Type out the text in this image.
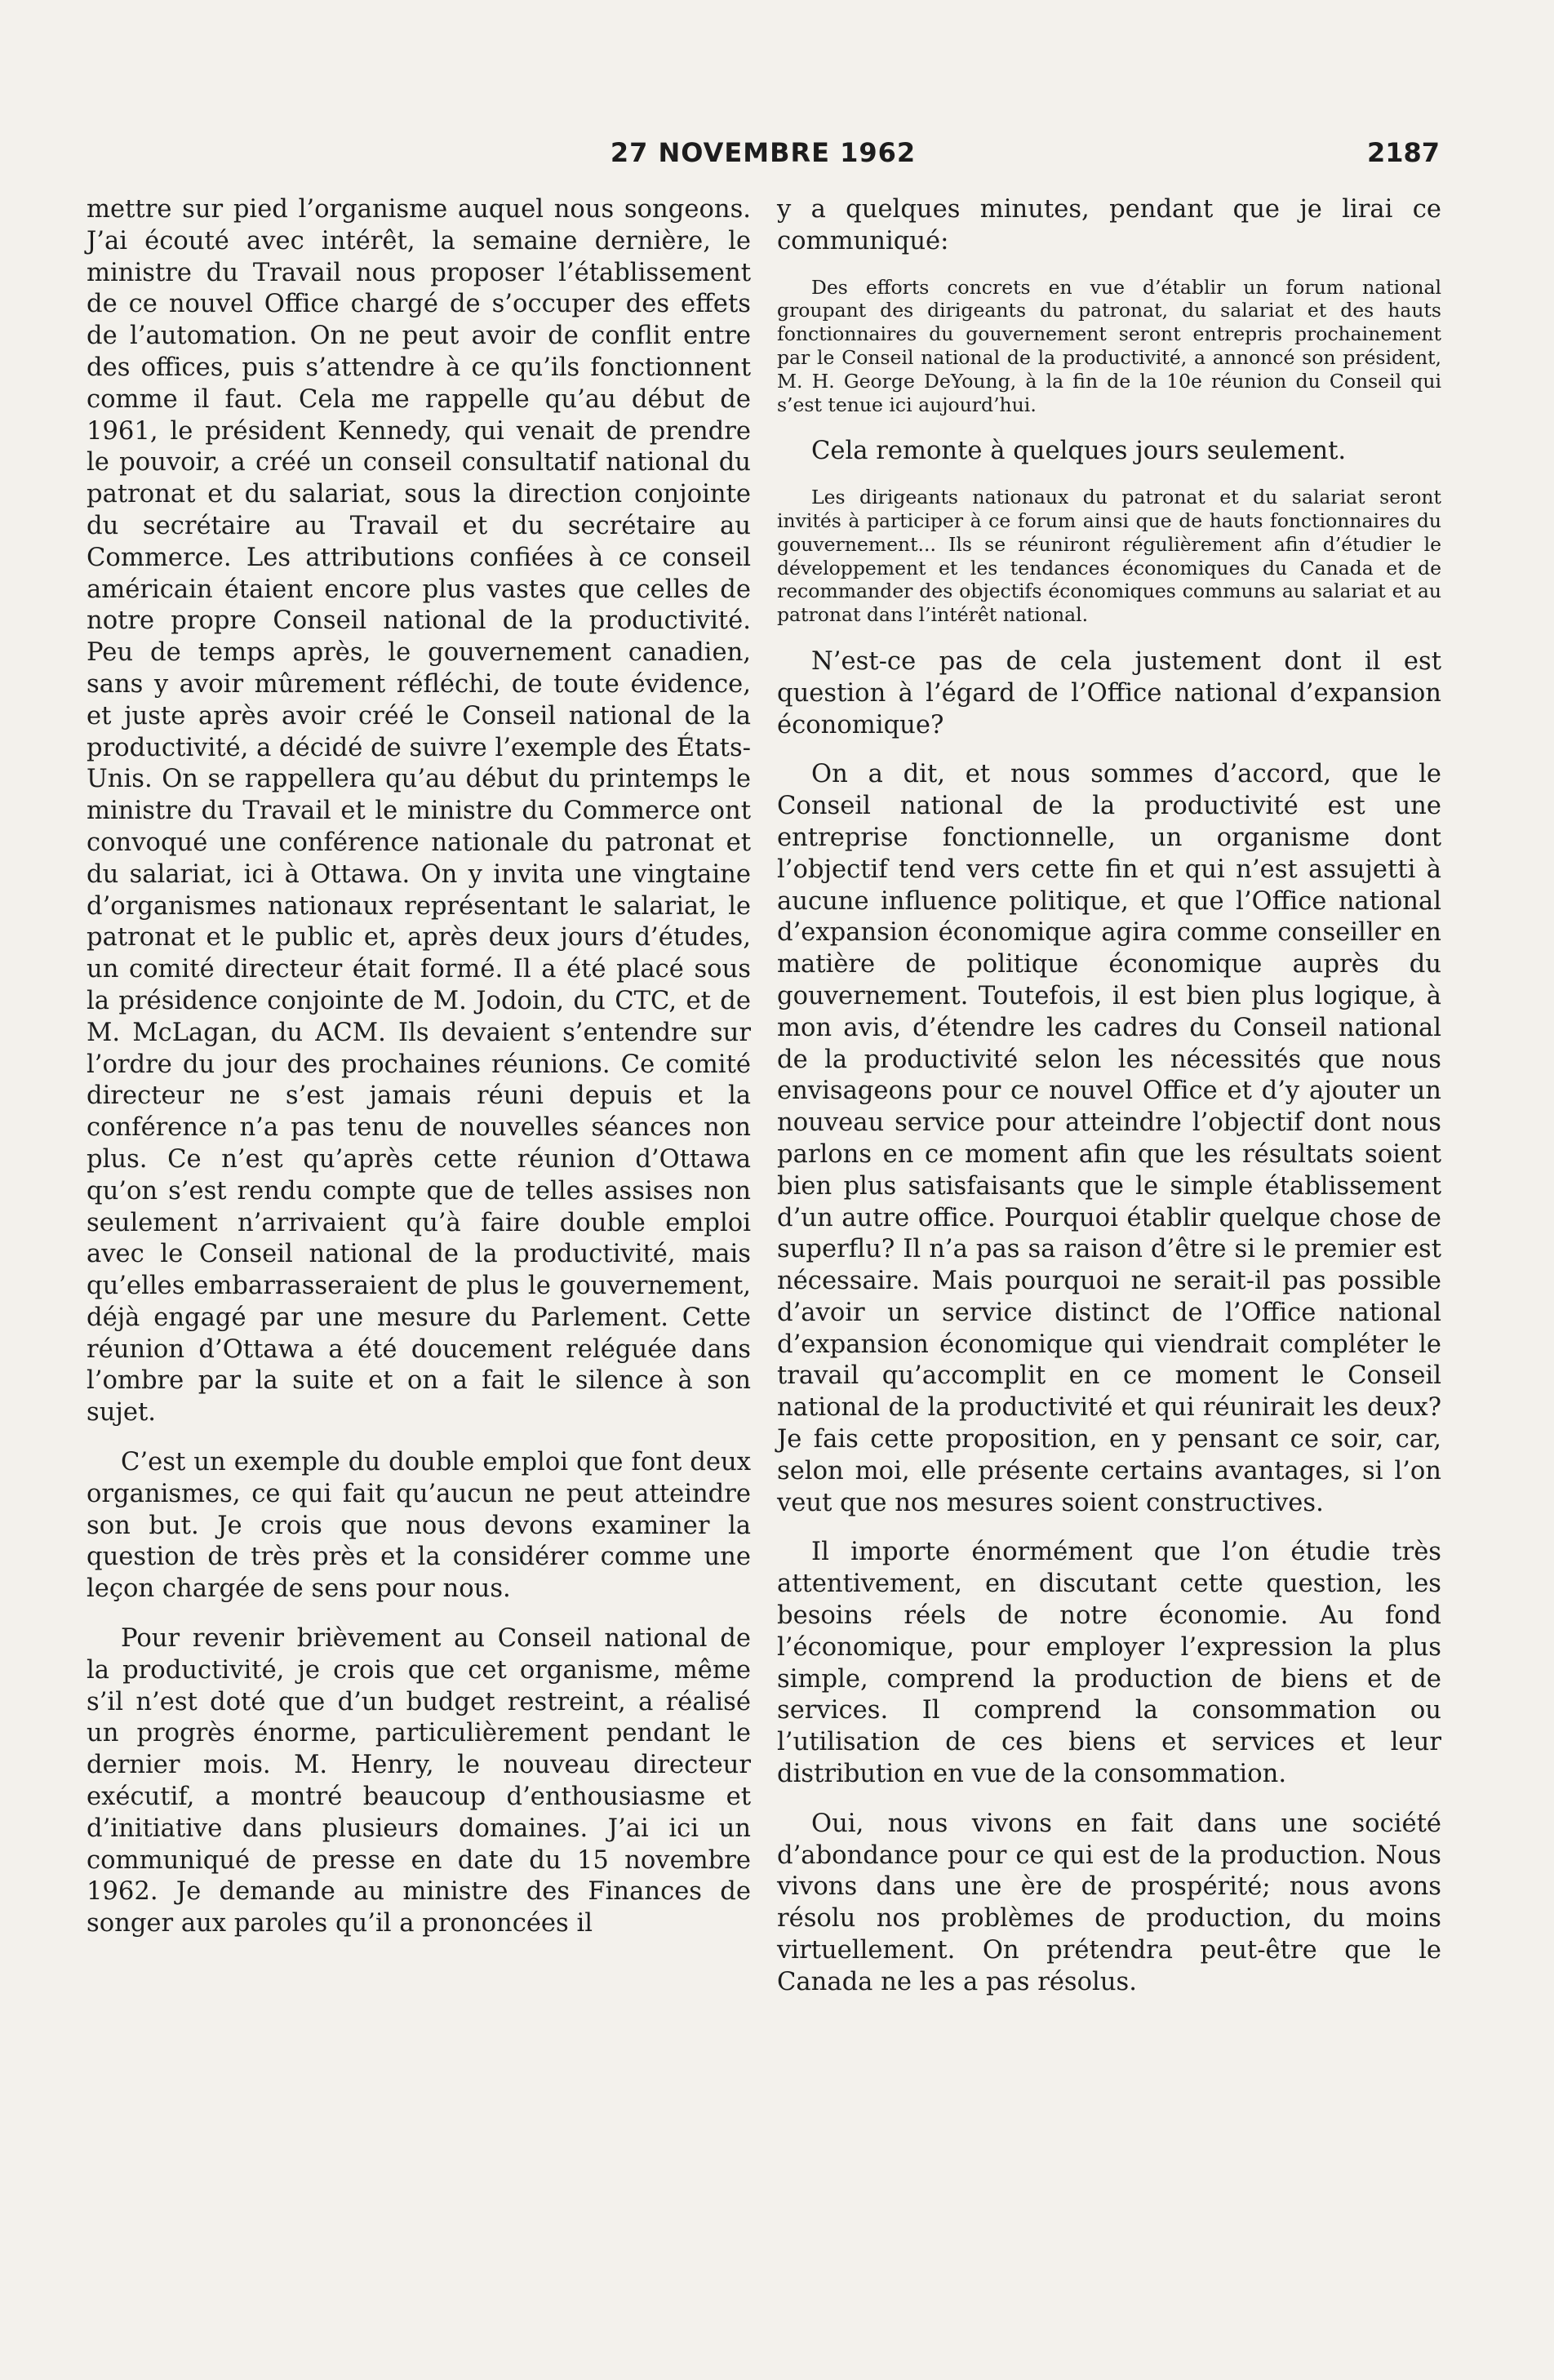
27 NOVEMBRE 1962	2187

mettre sur pied l’organisme auquel nous songeons. J’ai écouté avec intérêt, la semaine dernière, le ministre du Travail nous proposer l’établissement de ce nouvel Office chargé de s’occuper des effets de l’automation. On ne peut avoir de conflit entre des offices, puis s’attendre à ce qu’ils fonctionnent comme il faut. Cela me rappelle qu’au début de 1961, le président Kennedy, qui venait de prendre le pouvoir, a créé un conseil consultatif national du patronat et du salariat, sous la direction conjointe du secrétaire au Travail et du secrétaire au Commerce. Les attributions confiées à ce conseil américain étaient encore plus vastes que celles de notre propre Conseil national de la productivité. Peu de temps après, le gouvernement canadien, sans y avoir mûrement réfléchi, de toute évidence, et juste après avoir créé le Conseil national de la productivité, a décidé de suivre l’exemple des États-Unis. On se rappellera qu’au début du printemps le ministre du Travail et le ministre du Commerce ont convoqué une conférence nationale du patronat et du salariat, ici à Ottawa. On y invita une vingtaine d’organismes nationaux représentant le salariat, le patronat et le public et, après deux jours d’études, un comité directeur était formé. Il a été placé sous la présidence conjointe de M. Jodoin, du CTC, et de M. McLagan, du ACM. Ils devaient s’entendre sur l’ordre du jour des prochaines réunions. Ce comité directeur ne s’est jamais réuni depuis et la conférence n’a pas tenu de nouvelles séances non plus. Ce n’est qu’après cette réunion d’Ottawa qu’on s’est rendu compte que de telles assises non seulement n’arrivaient qu’à faire double emploi avec le Conseil national de la productivité, mais qu’elles embarrasseraient de plus le gouvernement, déjà engagé par une mesure du Parlement. Cette réunion d’Ottawa a été doucement reléguée dans l’ombre par la suite et on a fait le silence à son sujet.

C’est un exemple du double emploi que font deux organismes, ce qui fait qu’aucun ne peut atteindre son but. Je crois que nous devons examiner la question de très près et la considérer comme une leçon chargée de sens pour nous.

Pour revenir brièvement au Conseil national de la productivité, je crois que cet organisme, même s’il n’est doté que d’un budget restreint, a réalisé un progrès énorme, particulièrement pendant le dernier mois. M. Henry, le nouveau directeur exécutif, a montré beaucoup d’enthousiasme et d’initiative dans plusieurs domaines. J’ai ici un communiqué de presse en date du 15 novembre 1962. Je demande au ministre des Finances de songer aux paroles qu’il a prononcées il

y a quelques minutes, pendant que je lirai ce communiqué:

Des efforts concrets en vue d’établir un forum national groupant des dirigeants du patronat, du salariat et des hauts fonctionnaires du gouvernement seront entrepris prochainement par le Conseil national de la productivité, a annoncé son président, M. H. George DeYoung, à la fin de la 10e réunion du Conseil qui s’est tenue ici aujourd’hui.

Cela remonte à quelques jours seulement.

Les dirigeants nationaux du patronat et du salariat seront invités à participer à ce forum ainsi que de hauts fonctionnaires du gouvernement... Ils se réuniront régulièrement afin d’étudier le développement et les tendances économiques du Canada et de recommander des objectifs économiques communs au salariat et au patronat dans l’intérêt national.

N’est-ce pas de cela justement dont il est question à l’égard de l’Office national d’expansion économique?

On a dit, et nous sommes d’accord, que le Conseil national de la productivité est une entreprise fonctionnelle, un organisme dont l’objectif tend vers cette fin et qui n’est assujetti à aucune influence politique, et que l’Office national d’expansion économique agira comme conseiller en matière de politique économique auprès du gouvernement. Toutefois, il est bien plus logique, à mon avis, d’étendre les cadres du Conseil national de la productivité selon les nécessités que nous envisageons pour ce nouvel Office et d’y ajouter un nouveau service pour atteindre l’objectif dont nous parlons en ce moment afin que les résultats soient bien plus satisfaisants que le simple établissement d’un autre office. Pourquoi établir quelque chose de superflu? Il n’a pas sa raison d’être si le premier est nécessaire. Mais pourquoi ne serait-il pas possible d’avoir un service distinct de l’Office national d’expansion économique qui viendrait compléter le travail qu’accomplit en ce moment le Conseil national de la productivité et qui réunirait les deux? Je fais cette proposition, en y pensant ce soir, car, selon moi, elle présente certains avantages, si l’on veut que nos mesures soient constructives.

Il importe énormément que l’on étudie très attentivement, en discutant cette question, les besoins réels de notre économie. Au fond l’économique, pour employer l’expression la plus simple, comprend la production de biens et de services. Il comprend la consommation ou l’utilisation de ces biens et services et leur distribution en vue de la consommation.

Oui, nous vivons en fait dans une société d’abondance pour ce qui est de la production. Nous vivons dans une ère de prospérité; nous avons résolu nos problèmes de production, du moins virtuellement. On prétendra peut-être que le Canada ne les a pas résolus.
